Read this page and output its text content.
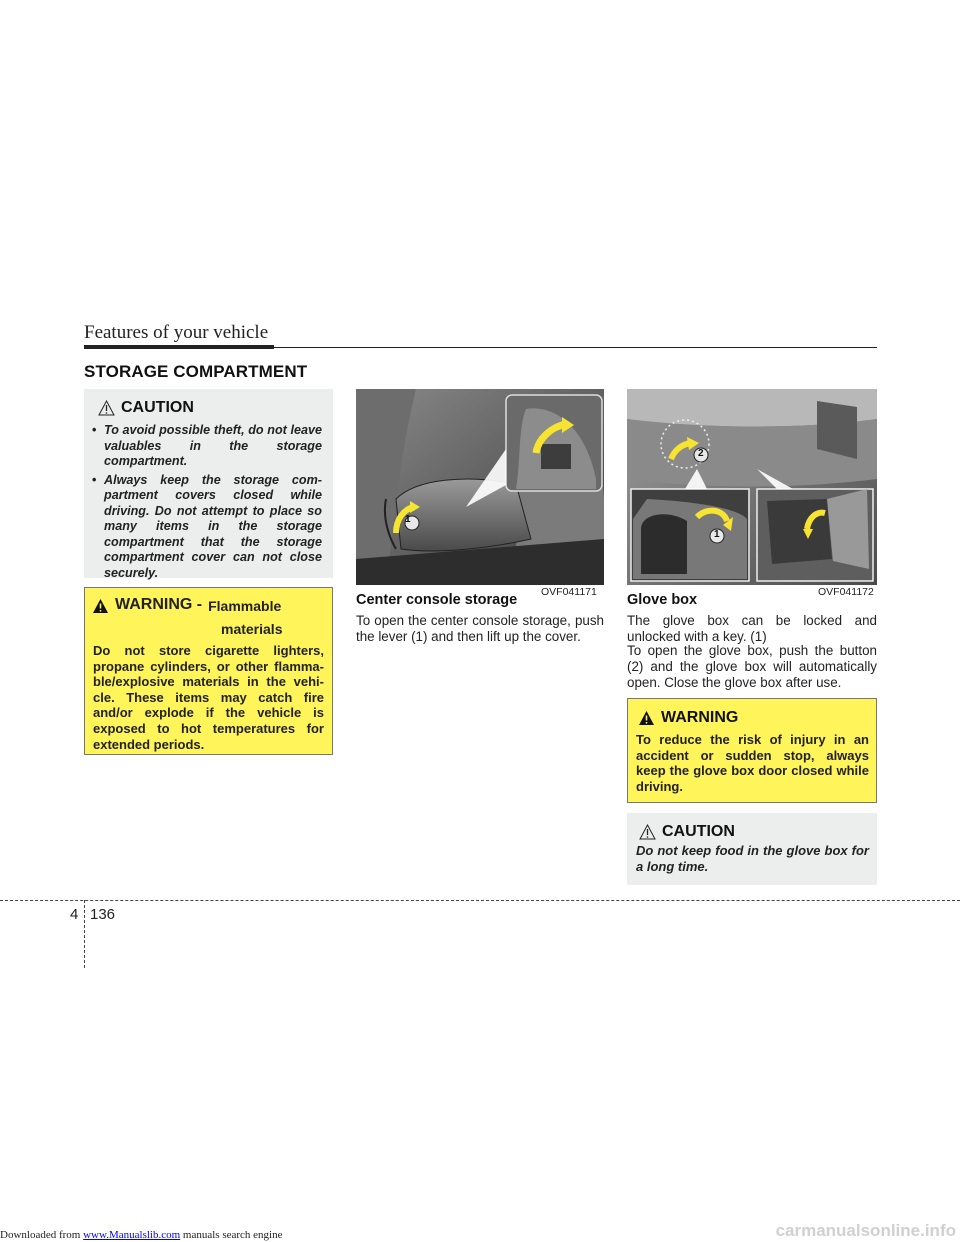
Features of your vehicle
STORAGE COMPARTMENT
CAUTION
• To avoid possible theft, do not leave valuables in the storage compartment.
• Always keep the storage com- partment covers closed while driving. Do not attempt to place so many items in the storage compartment that the storage compartment cover can not close securely.
WARNING - Flammable
materials
Do not store cigarette lighters, propane cylinders, or other flamma- ble/explosive materials in the vehi- cle. These items may catch fire and/or explode if the vehicle is exposed to hot temperatures for extended periods.
1
OVF041171
Center console storage

To open the center console storage, push the lever (1) and then lift up the cover.

2
1
OVF041172
Glove box

The glove box can be locked and unlocked with a key. (1)

To open the glove box, push the button (2) and the glove box will automatically open. Close the glove box after use.

WARNING
To reduce the risk of injury in an accident or sudden stop, always keep the glove box door closed while driving.
CAUTION
Do not keep food in the glove box for a long time.
4 136
Downloaded from www.Manualslib.com manuals search engine	carmanualsonline.info
